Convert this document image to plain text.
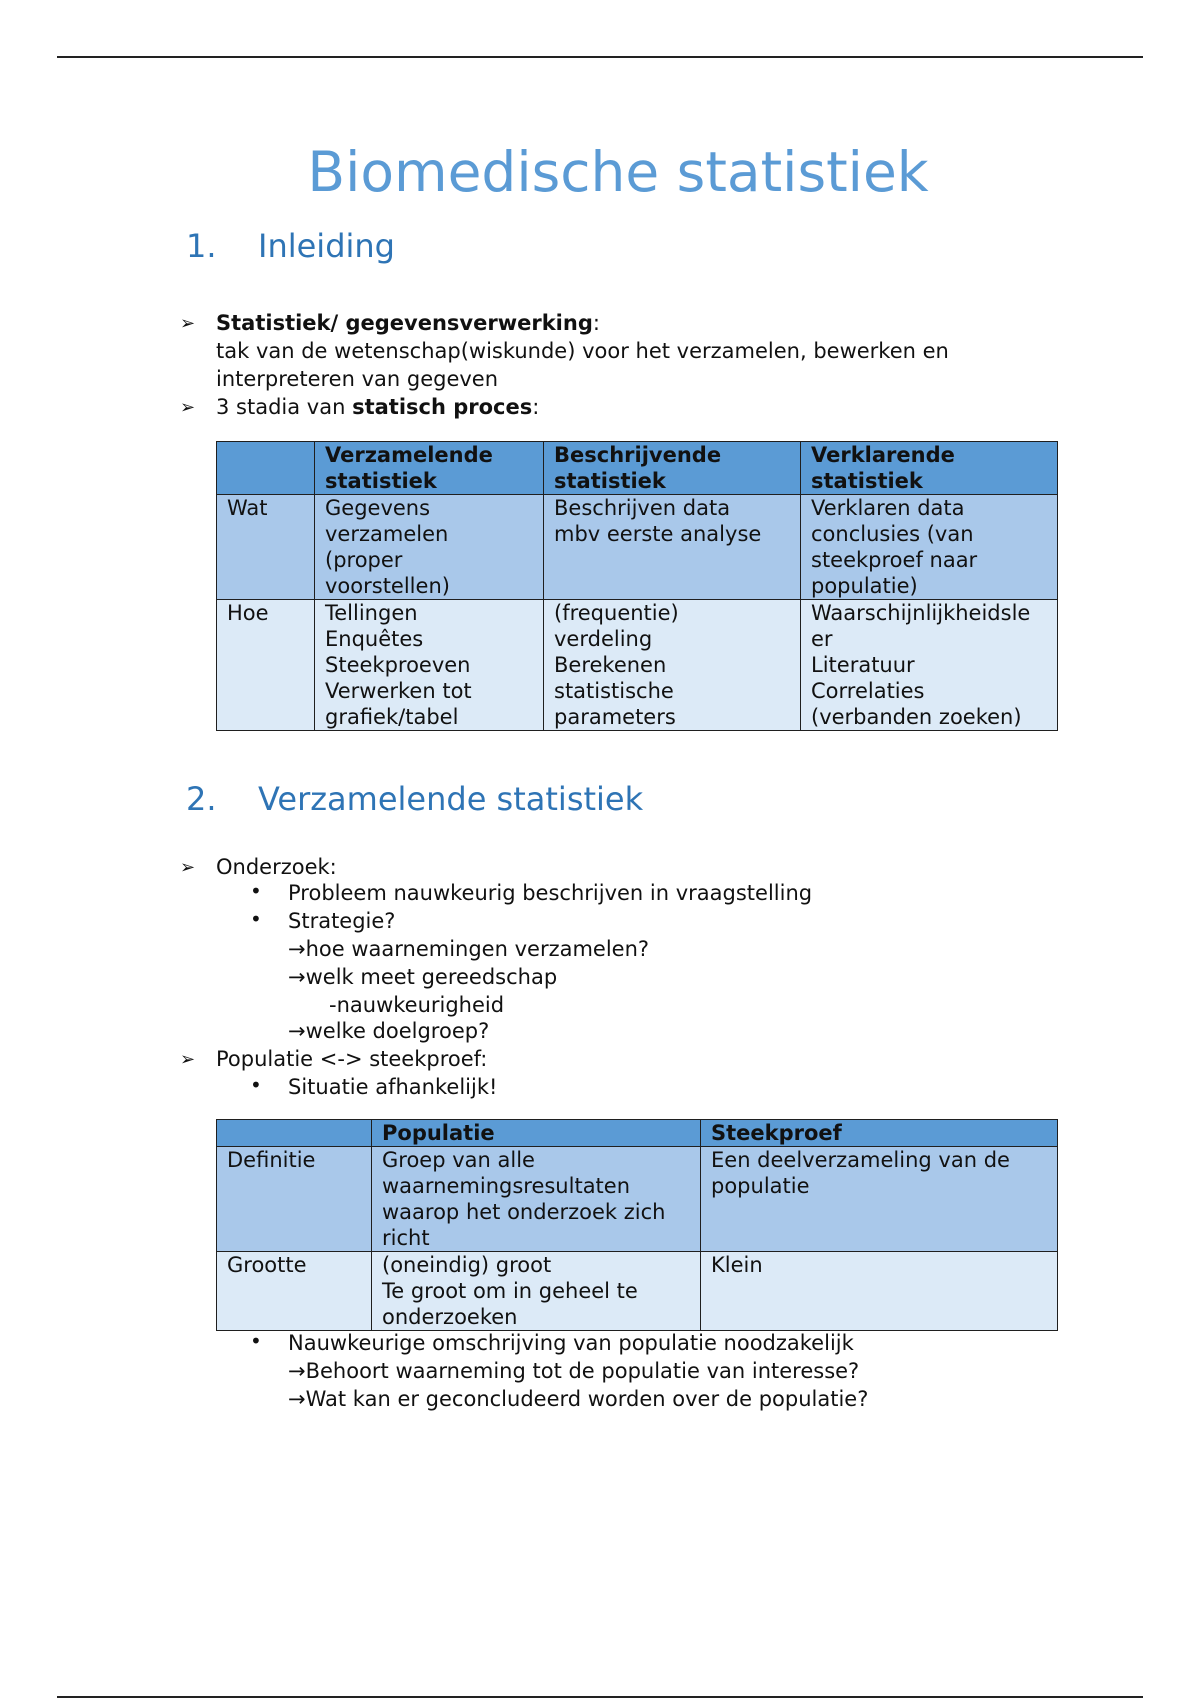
Biomedische statistiek
1. Inleiding
➢ Statistiek/ gegevensverwerking:
tak van de wetenschap(wiskunde) voor het verzamelen, bewerken en
interpreteren van gegeven
➢ 3 stadia van statisch proces:

	Verzamelende
statistiek	Beschrijvende
statistiek	Verklarende
statistiek

Wat	Gegevens
verzamelen
(proper
voorstellen)	Beschrijven data
mbv eerste analyse	Verklaren data
conclusies (van
steekproef naar
populatie)

Hoe	Tellingen
Enquêtes
Steekproeven
Verwerken tot
grafiek/tabel	(frequentie)
verdeling
Berekenen
statistische
parameters	Waarschijnlijkheidsle
er
Literatuur
Correlaties
(verbanden zoeken)
2. Verzamelende statistiek
➢ Onderzoek:
• Probleem nauwkeurig beschrijven in vraagstelling
• Strategie?
→hoe waarnemingen verzamelen?
→welk meet gereedschap
-nauwkeurigheid
→welke doelgroep?
➢ Populatie <-> steekproef:
• Situatie afhankelijk!
	Populatie	Steekproef
Definitie	Groep van alle
waarnemingsresultaten
waarop het onderzoek zich
richt	Een deelverzameling van de
populatie

Grootte	(oneindig) groot
Te groot om in geheel te
onderzoeken	Klein
• Nauwkeurige omschrijving van populatie noodzakelijk
→Behoort waarneming tot de populatie van interesse?
→Wat kan er geconcludeerd worden over de populatie?
